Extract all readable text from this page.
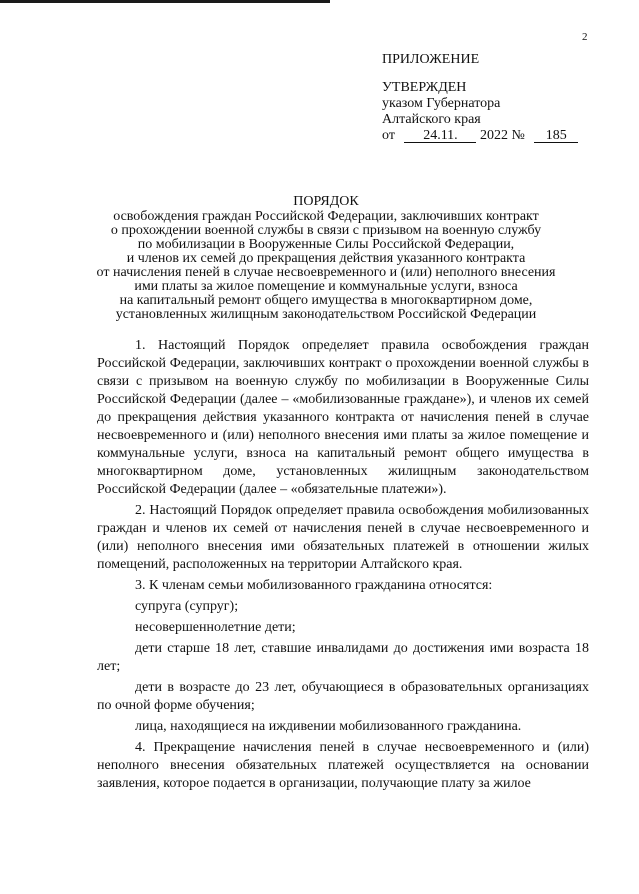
2
ПРИЛОЖЕНИЕ
УТВЕРЖДЕН
указом Губернатора
Алтайского края
от 24.11. 2022 № 185
ПОРЯДОК
освобождения граждан Российской Федерации, заключивших контракт
о прохождении военной службы в связи с призывом на военную службу
по мобилизации в Вооруженные Силы Российской Федерации,
и членов их семей до прекращения действия указанного контракта
от начисления пеней в случае несвоевременного и (или) неполного внесения
ими платы за жилое помещение и коммунальные услуги, взноса
на капитальный ремонт общего имущества в многоквартирном доме,
установленных жилищным законодательством Российской Федерации

1. Настоящий Порядок определяет правила освобождения граждан Российской Федерации, заключивших контракт о прохождении военной службы в связи с призывом на военную службу по мобилизации в Вооруженные Силы Российской Федерации (далее – «мобилизованные граждане»), и членов их семей до прекращения действия указанного контракта от начисления пеней в случае несвоевременного и (или) неполного внесения ими платы за жилое помещение и коммунальные услуги, взноса на капитальный ремонт общего имущества в многоквартирном доме, установленных жилищным законодательством Российской Федерации (далее – «обязательные платежи»).

2. Настоящий Порядок определяет правила освобождения мобилизованных граждан и членов их семей от начисления пеней в случае несвоевременного и (или) неполного внесения ими обязательных платежей в отношении жилых помещений, расположенных на территории Алтайского края.

3. К членам семьи мобилизованного гражданина относятся:

супруга (супруг);

несовершеннолетние дети;

дети старше 18 лет, ставшие инвалидами до достижения ими возраста 18 лет;

дети в возрасте до 23 лет, обучающиеся в образовательных организациях по очной форме обучения;

лица, находящиеся на иждивении мобилизованного гражданина.

4. Прекращение начисления пеней в случае несвоевременного и (или) неполного внесения обязательных платежей осуществляется на основании заявления, которое подается в организации, получающие плату за жилое
